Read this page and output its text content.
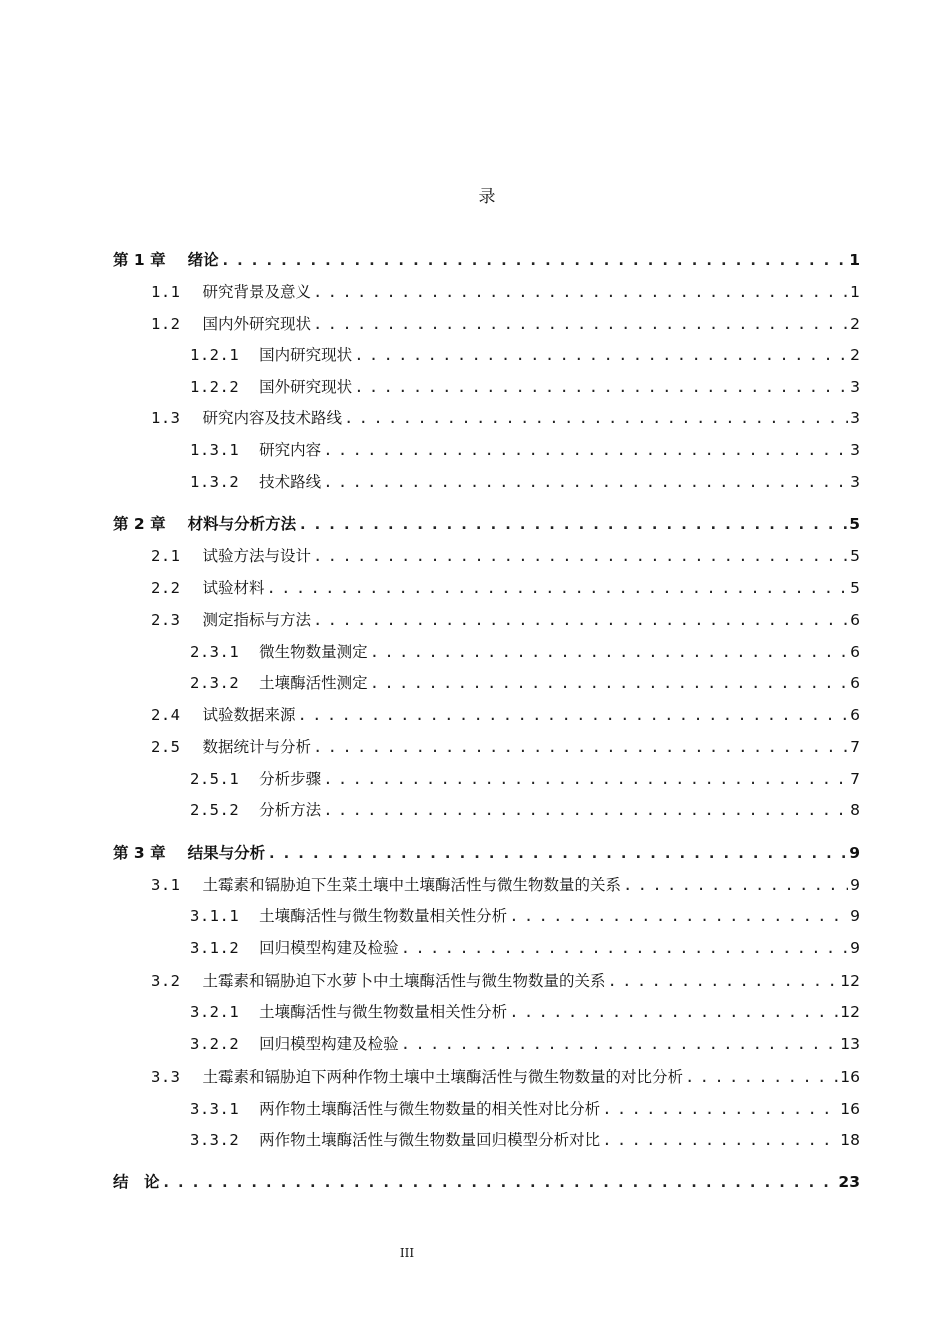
录
第 1 章 绪论 . . .	1
1.1 研究背景及意义 . . .	1
1.2 国内外研究现状 . . .	2
1.2.1 国内研究现状 . . .	2
1.2.2 国外研究现状 . . .	3
1.3 研究内容及技术路线 . . .	3
1.3.1 研究内容 . . .	3
1.3.2 技术路线 . . .	3
第 2 章 材料与分析方法 . . .	5
2.1 试验方法与设计 . . .	5
2.2 试验材料 . . .	5
2.3 测定指标与方法 . . .	6
2.3.1 微生物数量测定 . . .	6
2.3.2 土壤酶活性测定 . . .	6
2.4 试验数据来源 . . .	6
2.5 数据统计与分析 . . .	7
2.5.1 分析步骤 . . .	7
2.5.2 分析方法 . . .	8
第 3 章 结果与分析 . . .	9
3.1 土霉素和镉胁迫下生菜土壤中土壤酶活性与微生物数量的关系 . . .	9
3.1.1 土壤酶活性与微生物数量相关性分析 . . .	9
3.1.2 回归模型构建及检验 . . .	9
3.2 土霉素和镉胁迫下水萝卜中土壤酶活性与微生物数量的关系 . . .	12
3.2.1 土壤酶活性与微生物数量相关性分析 . . .	12
3.2.2 回归模型构建及检验 . . .	13
3.3 土霉素和镉胁迫下两种作物土壤中土壤酶活性与微生物数量的对比分析 . . .	16
3.3.1 两作物土壤酶活性与微生物数量的相关性对比分析 . . .	16
3.3.2 两作物土壤酶活性与微生物数量回归模型分析对比 . . .	18
结　论 . . .	23
III
